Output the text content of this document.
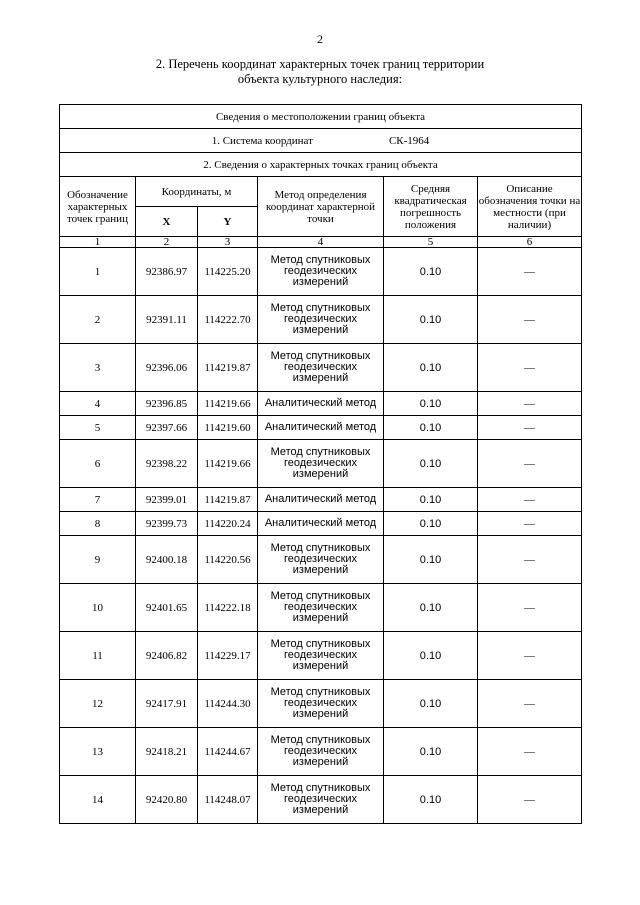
2
2. Перечень координат характерных точек границ территории
объекта культурного наследия:
Сведения о местоположении границ объекта					
1. Система координат СК-1964					
2. Сведения о характерных точках границ объекта					
Обозначение характерных точек границ	Координаты, м		Метод определения координат характерной точки	Средняя квадратическая погрешность положения	Описание обозначения точки на местности (при наличии)
	X	Y			
1	2	3	4	5	6
1	92386.97	114225.20	Метод спутниковых геодезических измерений	0.10	—
2	92391.11	114222.70	Метод спутниковых геодезических измерений	0.10	—
3	92396.06	114219.87	Метод спутниковых геодезических измерений	0.10	—
4	92396.85	114219.66	Аналитический метод	0.10	—
5	92397.66	114219.60	Аналитический метод	0.10	—
6	92398.22	114219.66	Метод спутниковых геодезических измерений	0.10	—
7	92399.01	114219.87	Аналитический метод	0.10	—
8	92399.73	114220.24	Аналитический метод	0.10	—
9	92400.18	114220.56	Метод спутниковых геодезических измерений	0.10	—
10	92401.65	114222.18	Метод спутниковых геодезических измерений	0.10	—
11	92406.82	114229.17	Метод спутниковых геодезических измерений	0.10	—
12	92417.91	114244.30	Метод спутниковых геодезических измерений	0.10	—
13	92418.21	114244.67	Метод спутниковых геодезических измерений	0.10	—
14	92420.80	114248.07	Метод спутниковых геодезических измерений	0.10	—
